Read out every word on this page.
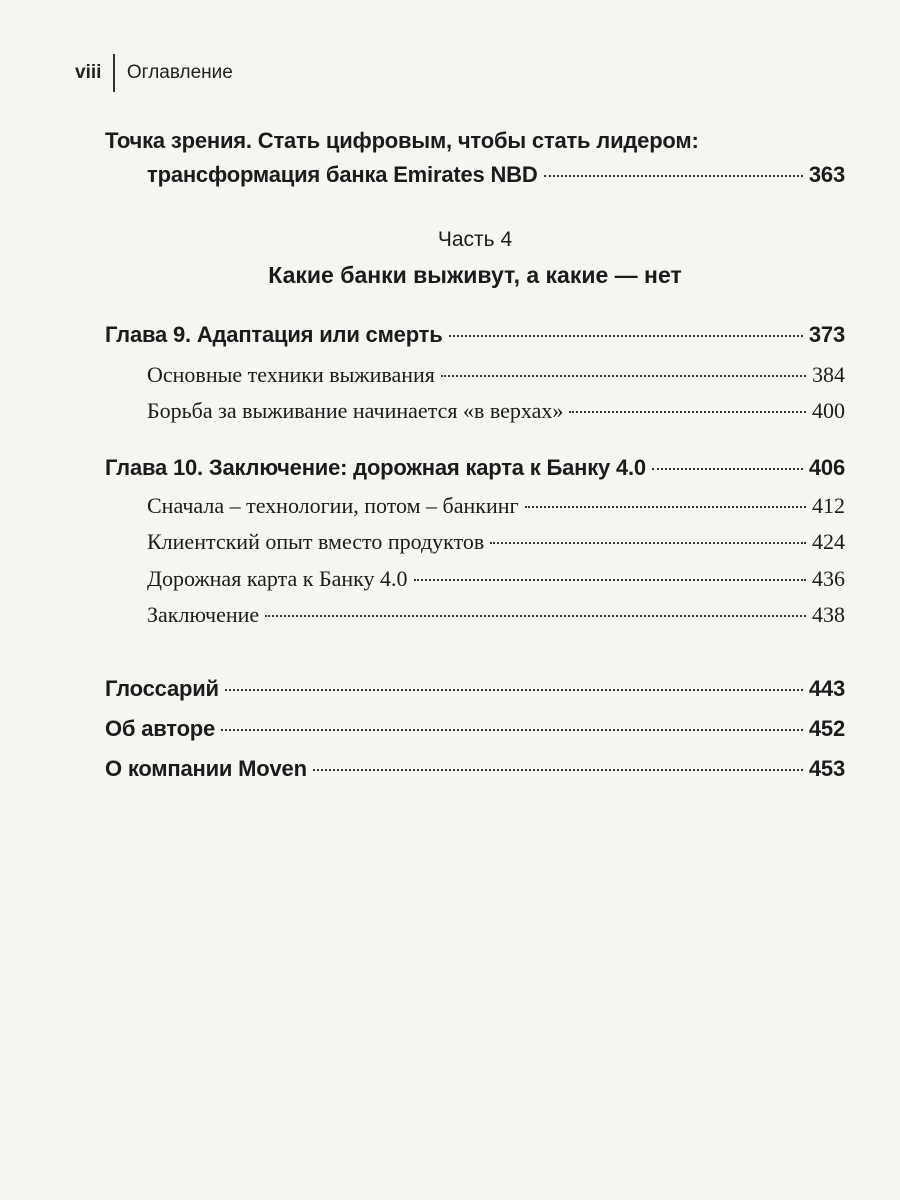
viii	Оглавление
Точка зрения. Стать цифровым, чтобы стать лидером:
трансформация банка Emirates NBD	363
Часть 4
Какие банки выживут, а какие — нет
Глава 9. Адаптация или смерть	373
Основные техники выживания	384
Борьба за выживание начинается «в верхах»	400
Глава 10. Заключение: дорожная карта к Банку 4.0	406
Сначала – технологии, потом – банкинг	412
Клиентский опыт вместо продуктов	424
Дорожная карта к Банку 4.0	436
Заключение	438
Глоссарий	443
Об авторе	452
О компании Moven	453
